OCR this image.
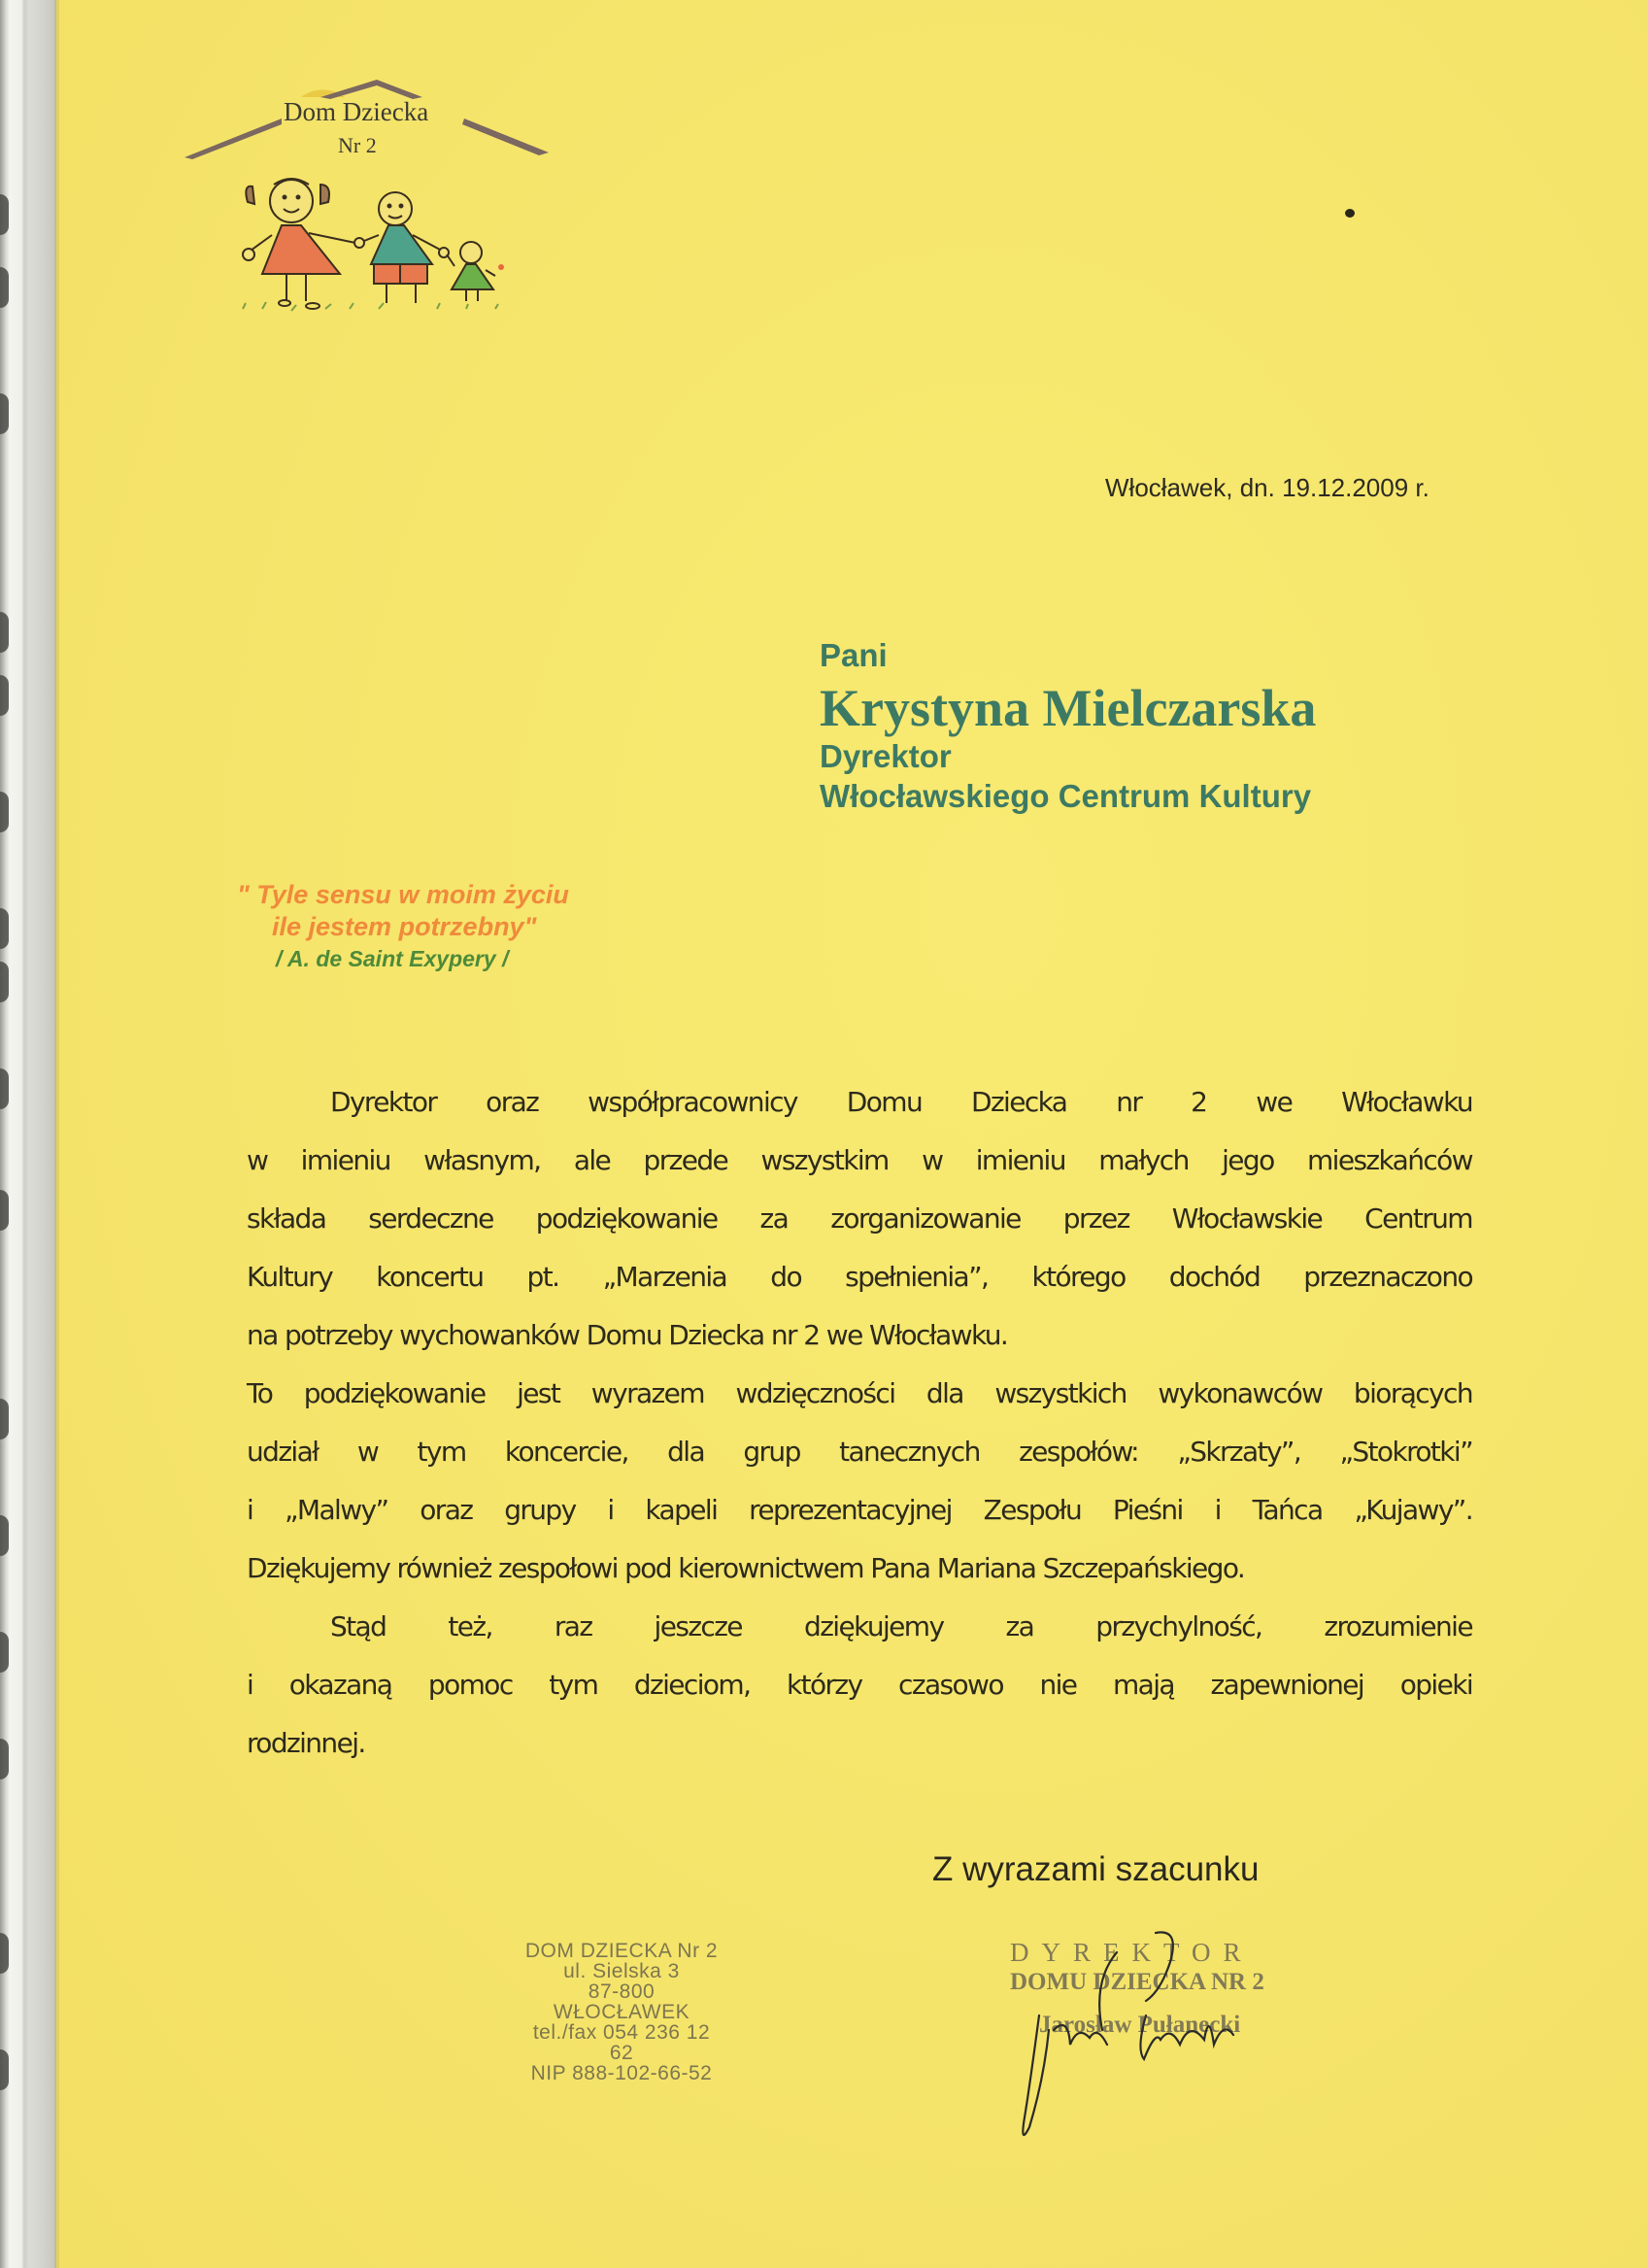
Dom Dziecka
Nr 2
Włocławek, dn. 19.12.2009 r.
Pani
Krystyna Mielczarska
Dyrektor
Włocławskiego Centrum Kultury
" Tyle sensu w moim życiu
ile jestem potrzebny"
/ A. de Saint Exypery /

Dyrektor oraz współpracownicy Domu Dziecka nr 2 we Włocławku

w imieniu własnym, ale przede wszystkim w imieniu małych jego mieszkańców

składa serdeczne podziękowanie za zorganizowanie przez Włocławskie Centrum

Kultury koncertu pt. „Marzenia do spełnienia”, którego dochód przeznaczono

na potrzeby wychowanków Domu Dziecka nr 2 we Włocławku.

To podziękowanie jest wyrazem wdzięczności dla wszystkich wykonawców biorących

udział w tym koncercie, dla grup tanecznych zespołów: „Skrzaty”, „Stokrotki”

i „Malwy” oraz grupy i kapeli reprezentacyjnej Zespołu Pieśni i Tańca „Kujawy”.

Dziękujemy również zespołowi pod kierownictwem Pana Mariana Szczepańskiego.

Stąd też, raz jeszcze dziękujemy za przychylność, zrozumienie

i okazaną pomoc tym dzieciom, którzy czasowo nie mają zapewnionej opieki

rodzinnej.

Z wyrazami szacunku
DOM DZIECKA Nr 2
ul. Sielska 3
87-800 WŁOCŁAWEK
tel./fax 054 236 12 62
NIP 888-102-66-52
DYREKTOR
DOMU DZIECKA NR 2
Jarosław Pułanecki
